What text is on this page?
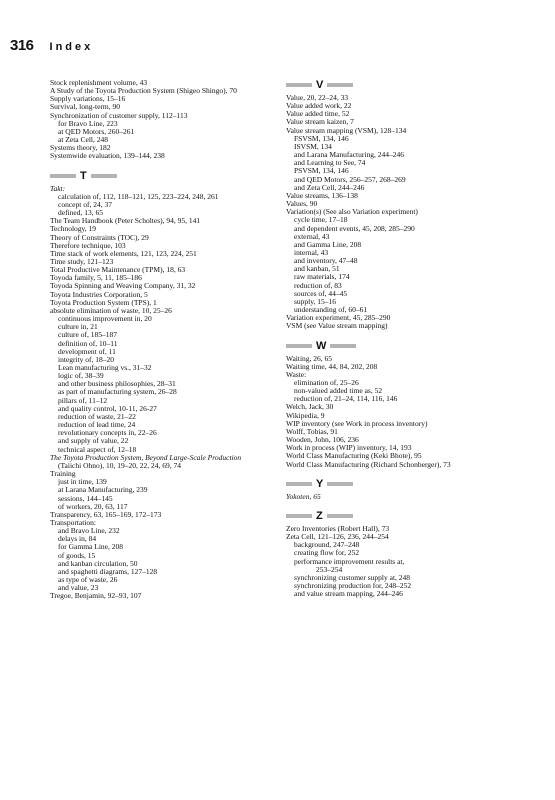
316 Index
Stock replenishment volume, 43
A Study of the Toyota Production System (Shigeo Shingo), 70
Supply variations, 15–16
Survival, long-term, 90
Synchronization of customer supply, 112–113
for Bravo Line, 223
at QED Motors, 260–261
at Zeta Cell, 248
Systems theory, 182
Systemwide evaluation, 139–144, 238
T
Takt:
calculation of, 112, 118–121, 125, 223–224, 248, 261
concept of, 24, 37
defined, 13, 65
The Team Handbook (Peter Scholtes), 94, 95, 141
Technology, 19
Theory of Constraints (TOC), 29
Therefore technique, 103
Time stack of work elements, 121, 123, 224, 251
Time study, 121–123
Total Productive Maintenance (TPM), 18, 63
Toyoda family, 5, 11, 185–186
Toyoda Spinning and Weaving Company, 31, 32
Toyota Industries Corporation, 5
Toyota Production System (TPS), 1
absolute elimination of waste, 10, 25–26
continuous improvement in, 20
culture in, 21
culture of, 185–187
definition of, 10–11
development of, 11
integrity of, 18–20
Lean manufacturing vs., 31–32
logic of, 38–39
and other business philosophies, 28–31
as part of manufacturing system, 26–28
pillars of, 11–12
and quality control, 10-11, 26-27
reduction of waste, 21–22
reduction of lead time, 24
revolutionary concepts in, 22–26
and supply of value, 22
technical aspect of, 12–18
The Toyota Production System, Beyond Large-Scale Production
(Taiichi Ohno), 10, 19–20, 22, 24, 69, 74
Training
just in time, 139
at Larana Manufacturing, 239
sessions, 144–145
of workers, 20, 63, 117
Transparency, 63, 165–169, 172–173
Transportation:
and Bravo Line, 232
delays in, 84
for Gamma Line, 208
of goods, 15
and kanban circulation, 50
and spaghetti diagrams, 127–128
as type of waste, 26
and value, 23
Tregoe, Benjamin, 92–93, 107
V
Value, 20, 22–24, 33
Value added work, 22
Value added time, 52
Value stream kaizen, 7
Value stream mapping (VSM), 128–134
FSVSM, 134, 146
ISVSM, 134
and Larana Manufacturing, 244–246
and Learning to See, 74
PSVSM, 134, 146
and QED Motors, 256–257, 268–269
and Zeta Cell, 244–246
Value streams, 136–138
Values, 90
Variation(s) (See also Variation experiment)
cycle time, 17–18
and dependent events, 45, 208, 285–290
external, 43
and Gamma Line, 208
internal, 43
and inventory, 47–48
and kanban, 51
raw materials, 174
reduction of, 83
sources of, 44–45
supply, 15–16
understanding of, 60–61
Variation experiment, 45, 285–290
VSM (see Value stream mapping)
W
Waiting, 26, 65
Waiting time, 44, 84, 202, 208
Waste:
elimination of, 25–26
non-valued added time as, 52
reduction of, 21–24, 114, 116, 146
Welch, Jack, 30
Wikipedia, 9
WIP inventory (see Work in process inventory)
Wolff, Tobias, 91
Wooden, John, 106, 236
Work in process (WIP) inventory, 14, 193
World Class Manufacturing (Keki Bhote), 95
World Class Manufacturing (Richard Schonberger), 73
Y
Yokoten, 65
Z
Zero Inventories (Robert Hall), 73
Zeta Cell, 121–126, 236, 244–254
background, 247–248
creating flow for, 252
performance improvement results at,
253–254
synchronizing customer supply at, 248
synchronizing production for, 248–252
and value stream mapping, 244–246
